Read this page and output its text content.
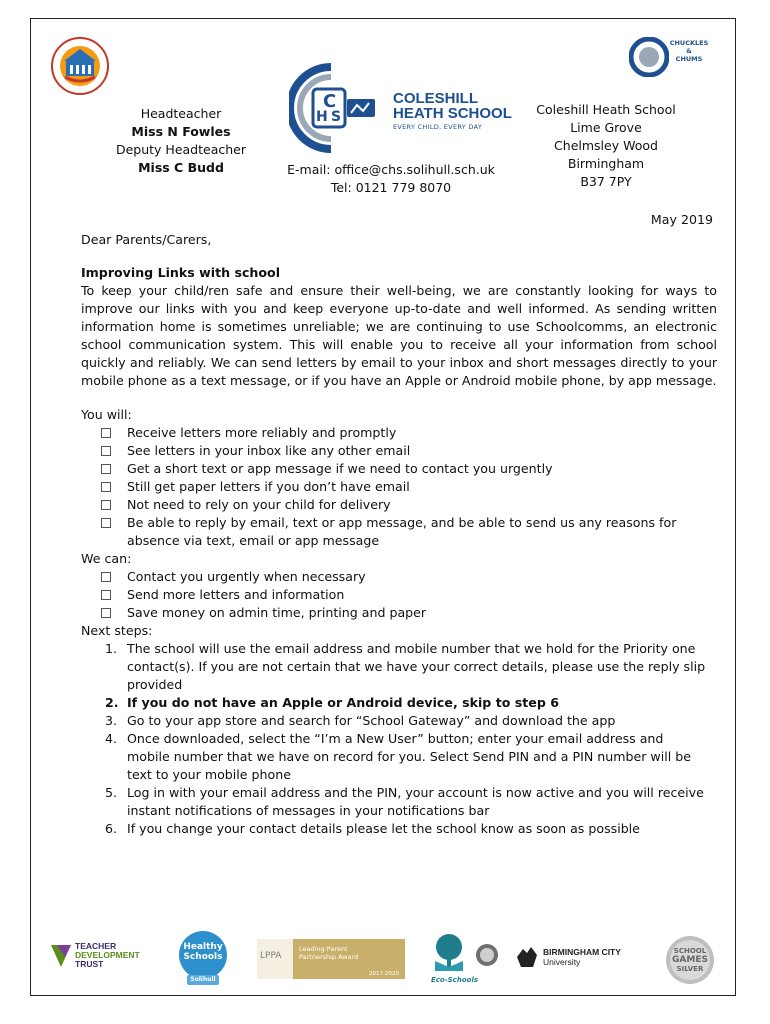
Headteacher
Miss N Fowles
Deputy Headteacher
Miss C Budd
C
H S
COLESHILL
HEATH SCHOOL
EVERY CHILD, EVERY DAY
E-mail: office@chs.solihull.sch.uk
Tel: 0121 779 8070
CHUCKLES
&
CHUMS
Coleshill Heath School
Lime Grove
Chelmsley Wood
Birmingham
B37 7PY
May 2019
Dear Parents/Carers,
Improving Links with school
To keep your child/ren safe and ensure their well-being, we are constantly looking for ways to improve our links with you and keep everyone up-to-date and well informed. As sending written information home is sometimes unreliable; we are continuing to use Schoolcomms, an electronic school communication system. This will enable you to receive all your information from school quickly and reliably. We can send letters by email to your inbox and short messages directly to your mobile phone as a text message, or if you have an Apple or Android mobile phone, by app message.
You will:
Receive letters more reliably and promptly
See letters in your inbox like any other email
Get a short text or app message if we need to contact you urgently
Still get paper letters if you don’t have email
Not need to rely on your child for delivery
Be able to reply by email, text or app message, and be able to send us any reasons for absence via text, email or app message
We can:
Contact you urgently when necessary
Send more letters and information
Save money on admin time, printing and paper
Next steps:
1. The school will use the email address and mobile number that we hold for the Priority one contact(s). If you are not certain that we have your correct details, please use the reply slip provided
2. If you do not have an Apple or Android device, skip to step 6
3. Go to your app store and search for “School Gateway” and download the app
4. Once downloaded, select the “I’m a New User” button; enter your email address and mobile number that we have on record for you. Select Send PIN and a PIN number will be text to your mobile phone
5. Log in with your email address and the PIN, your account is now active and you will receive instant notifications of messages in your notifications bar
6. If you change your contact details please let the school know as soon as possible
TEACHER
DEVELOPMENT
TRUST
Healthy
Schools
Solihull
LPPA
Leading Parent
Partnership Award
2017-2020
Eco-Schools
BIRMINGHAM CITY
University
SCHOOL
GAMES
SILVER
